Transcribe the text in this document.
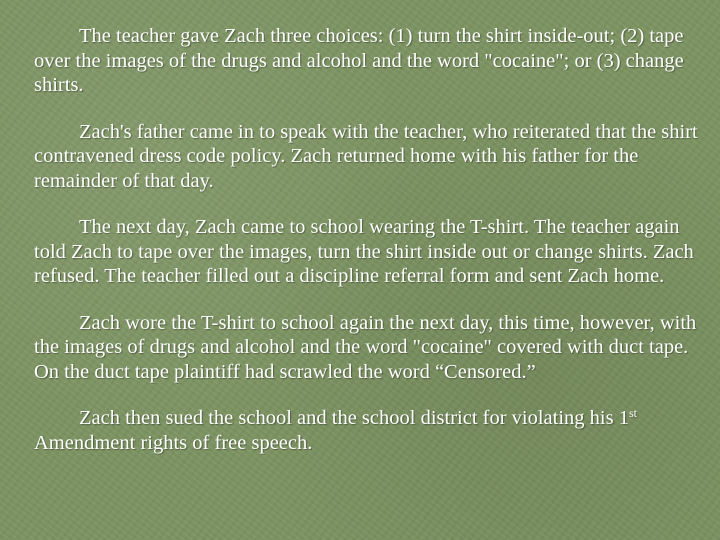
The teacher gave Zach three choices: (1) turn the shirt inside-out; (2) tape over the images of the drugs and alcohol and the word "cocaine"; or (3) change shirts.

Zach's father came in to speak with the teacher, who reiterated that the shirt contravened dress code policy. Zach returned home with his father for the remainder of that day.

The next day, Zach came to school wearing the T-shirt. The teacher again told Zach to tape over the images, turn the shirt inside out or change shirts. Zach refused. The teacher filled out a discipline referral form and sent Zach home.

Zach wore the T-shirt to school again the next day, this time, however, with the images of drugs and alcohol and the word "cocaine" covered with duct tape. On the duct tape plaintiff had scrawled the word “Censored.”

Zach then sued the school and the school district for violating his 1st Amendment rights of free speech.
